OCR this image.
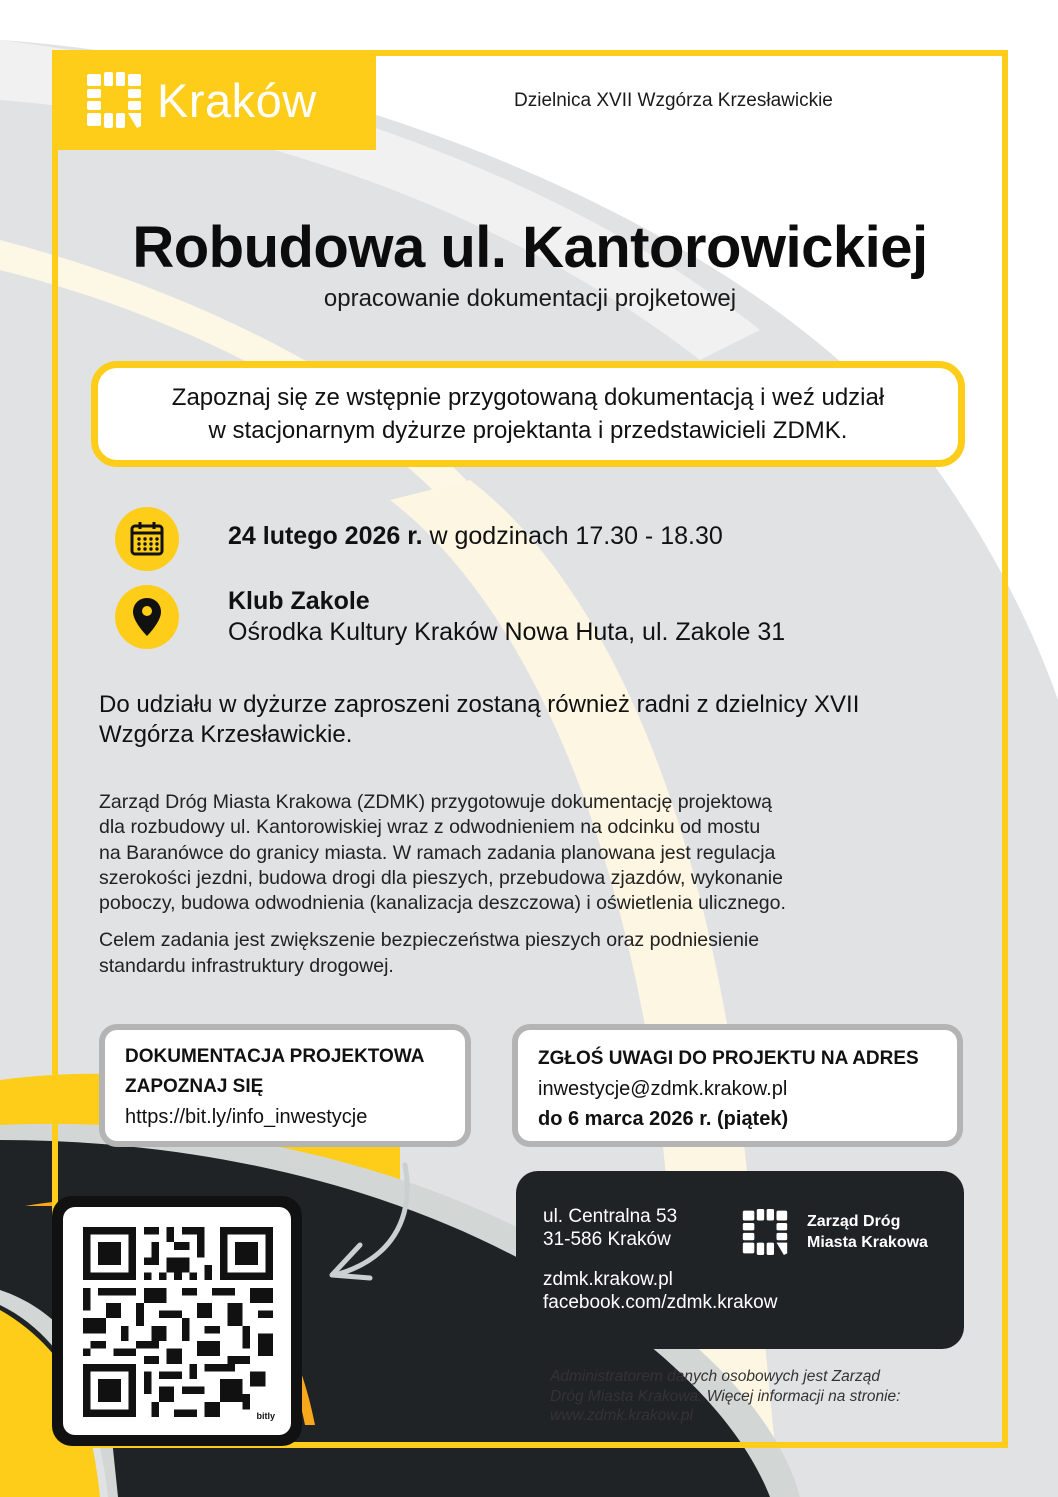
Kraków	Dzielnica XVII Wzgórza Krzesławickie
Robudowa ul. Kantorowickiej
opracowanie dokumentacji projketowej

Zapoznaj się ze wstępnie przygotowaną dokumentacją i weź udział
w stacjonarnym dyżurze projektanta i przedstawicieli ZDMK.

24 lutego 2026 r. w godzinach 17.30 - 18.30
Klub Zakole
Ośrodka Kultury Kraków Nowa Huta, ul. Zakole 31
Do udziału w dyżurze zaproszeni zostaną również radni z dzielnicy XVII
Wzgórza Krzesławickie.

Zarząd Dróg Miasta Krakowa (ZDMK) przygotowuje dokumentację projektową
dla rozbudowy ul. Kantorowiskiej wraz z odwodnieniem na odcinku od mostu
na Baranówce do granicy miasta. W ramach zadania planowana jest regulacja
szerokości jezdni, budowa drogi dla pieszych, przebudowa zjazdów, wykonanie
poboczy, budowa odwodnienia (kanalizacja deszczowa) i oświetlenia ulicznego.

Celem zadania jest zwiększenie bezpieczeństwa pieszych oraz podniesienie
standardu infrastruktury drogowej.

DOKUMENTACJA PROJEKTOWA
ZAPOZNAJ SIĘ
https://bit.ly/info_inwestycje
ZGŁOŚ UWAGI DO PROJEKTU NA ADRES
inwestycje@zdmk.krakow.pl
do 6 marca 2026 r. (piątek)
bitly
ul. Centralna 53
31-586 Kraków
Zarząd Dróg
Miasta Krakowa
zdmk.krakow.pl
facebook.com/zdmk.krakow
Administratorem danych osobowych jest Zarząd
Dróg Miasta Krakowa. Więcej informacji na stronie:
www.zdmk.krakow.pl
